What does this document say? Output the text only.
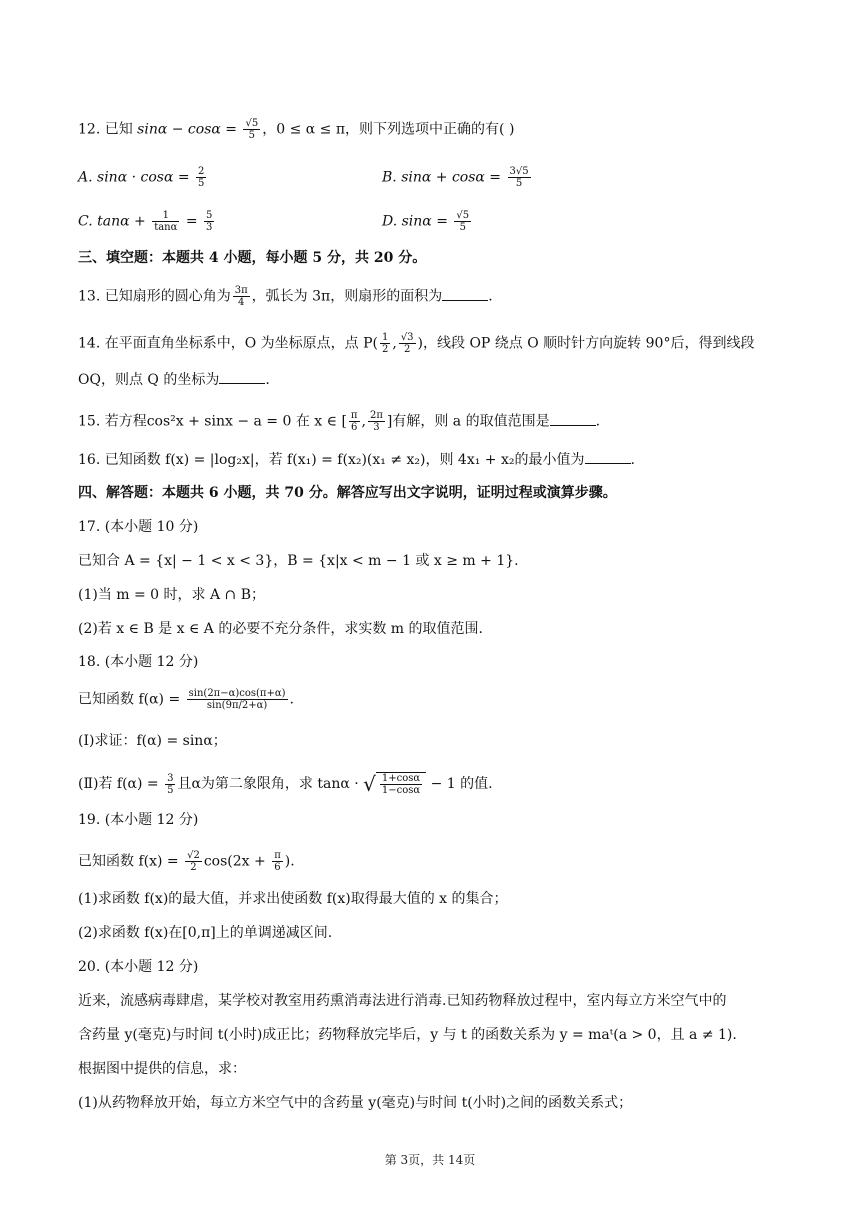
12. 已知 $\sin\alpha - \cos\alpha = \frac{√5}{5}$ ，0 ≤ α ≤ π，则下列选项中正确的有( )
A. $\sin\alpha \cdot \cos\alpha = \frac{2}{5}$	B. $\sin\alpha + \cos\alpha = \frac{3√5}{5}$
C. $\tan\alpha + \frac{1}{\tan\alpha} = \frac{5}{3}$	D. $\sin\alpha = \frac{√5}{5}$
三、填空题：本题共 4 小题，每小题 5 分，共 20 分。
13. 已知扇形的圆心角为 $\frac{3\pi}{4}$ ，弧长为 3π，则扇形的面积为	.
14. 在平面直角坐标系中，O 为坐标原点，点 $P( \frac{1}{2}$ , $\frac{√3}{2}$ )，线段 OP 绕点 O 顺时针方向旋转 90°后，得到线段
OQ，则点 Q 的坐标为	.
15. 若方程cos²x + sinx − a = 0 在 x ∈ [ $\frac{\pi}{6}$ , $\frac{2\pi}{3}$ ]有解，则 a 的取值范围是	.
16. 已知函数 f(x) = |log₂x|，若 f(x₁) = f(x₂)(x₁ ≠ x₂)，则 4x₁ + x₂的最小值为	.
四、解答题：本题共 6 小题，共 70 分。解答应写出文字说明，证明过程或演算步骤。
17. (本小题 10 分)
已知合 A = {x| − 1 < x < 3}，B = {x|x < m − 1 或 x ≥ m + 1}.
(1)当 m = 0 时，求 A ∩ B；
(2)若 x ∈ B 是 x ∈ A 的必要不充分条件，求实数 m 的取值范围.
18. (本小题 12 分)
已知函数 $f(\alpha) = \frac{\sin(2\pi-\alpha)\cos(\pi+\alpha)}{\sin(9\pi/2+\alpha)}$ .
(Ⅰ)求证：f(α) = sinα；
(Ⅱ)若 $f(\alpha) = \frac{3}{5}$ 且α为第二象限角，求 tanα · √ $\frac{1+\cos\alpha}{1-\cos\alpha} - 1$ 的值.
19. (本小题 12 分)
已知函数 $f(x) = \frac{√2}{2} \cos(2x + \frac{\pi}{6}$ ).
(1)求函数 f(x)的最大值，并求出使函数 f(x)取得最大值的 x 的集合；
(2)求函数 f(x)在[0,π]上的单调递减区间.
20. (本小题 12 分)
近来，流感病毒肆虐，某学校对教室用药熏消毒法进行消毒.已知药物释放过程中，室内每立方米空气中的
含药量 y(毫克)与时间 t(小时)成正比；药物释放完毕后，y 与 t 的函数关系为 y = maᵗ(a > 0，且 a ≠ 1).
根据图中提供的信息，求：
(1)从药物释放开始，每立方米空气中的含药量 y(毫克)与时间 t(小时)之间的函数关系式；
第 3页，共 14页
